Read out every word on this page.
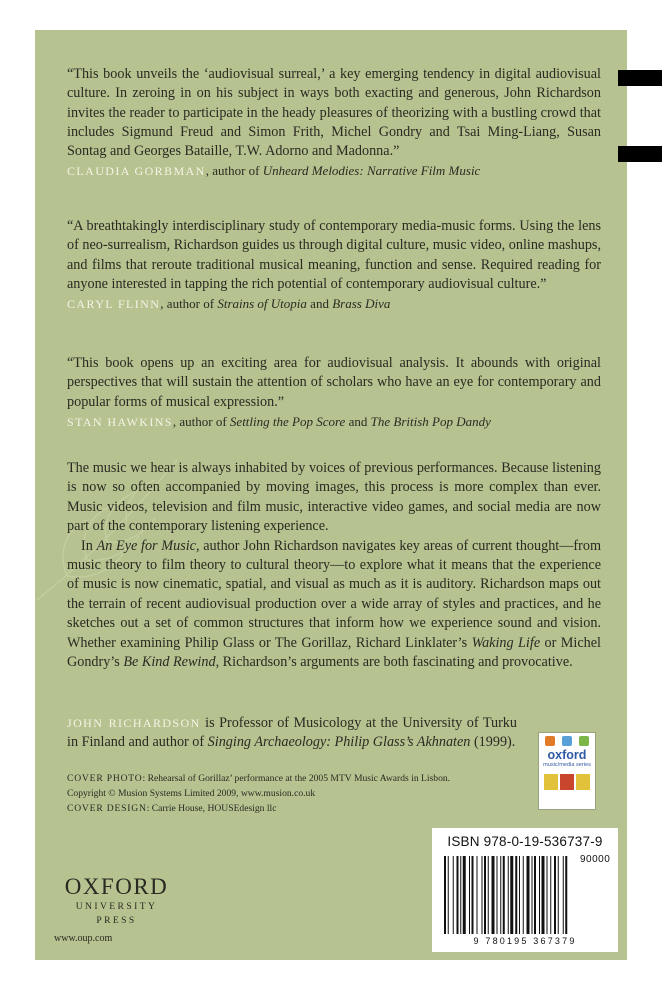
“This book unveils the ‘audiovisual surreal,’ a key emerging tendency in digital audiovisual culture. In zeroing in on his subject in ways both exacting and generous, John Richardson invites the reader to participate in the heady pleasures of theorizing with a bustling crowd that includes Sigmund Freud and Simon Frith, Michel Gondry and Tsai Ming-Liang, Susan Sontag and Georges Bataille, T.W. Adorno and Madonna.”

CLAUDIA GORBMAN, author of Unheard Melodies: Narrative Film Music

“A breathtakingly interdisciplinary study of contemporary media-music forms. Using the lens of neo-surrealism, Richardson guides us through digital culture, music video, online mashups, and films that reroute traditional musical meaning, function and sense. Required reading for anyone interested in tapping the rich potential of contemporary audiovisual culture.”

CARYL FLINN, author of Strains of Utopia and Brass Diva

“This book opens up an exciting area for audiovisual analysis. It abounds with original perspectives that will sustain the attention of scholars who have an eye for contemporary and popular forms of musical expression.”

STAN HAWKINS, author of Settling the Pop Score and The British Pop Dandy

The music we hear is always inhabited by voices of previous performances. Because listening is now so often accompanied by moving images, this process is more complex than ever. Music videos, television and film music, interactive video games, and social media are now part of the contemporary listening experience.

In An Eye for Music, author John Richardson navigates key areas of current thought—from music theory to film theory to cultural theory—to explore what it means that the experience of music is now cinematic, spatial, and visual as much as it is auditory. Richardson maps out the terrain of recent audiovisual production over a wide array of styles and practices, and he sketches out a set of common structures that inform how we experience sound and vision. Whether examining Philip Glass or The Gorillaz, Richard Linklater’s Waking Life or Michel Gondry’s Be Kind Rewind, Richardson’s arguments are both fascinating and provocative.

JOHN RICHARDSON is Professor of Musicology at the University of Turku in Finland and author of Singing Archaeology: Philip Glass’s Akhnaten (1999).

COVER PHOTO: Rehearsal of Gorillaz’ performance at the 2005 MTV Music Awards in Lisbon.
Copyright © Musion Systems Limited 2009, www.musion.co.uk
COVER DESIGN: Carrie House, HOUSEdesign llc
oxford
music/media series
OXFORD
UNIVERSITY PRESS
www.oup.com
ISBN 978-0-19-536737-9
90000
9 780195 367379
